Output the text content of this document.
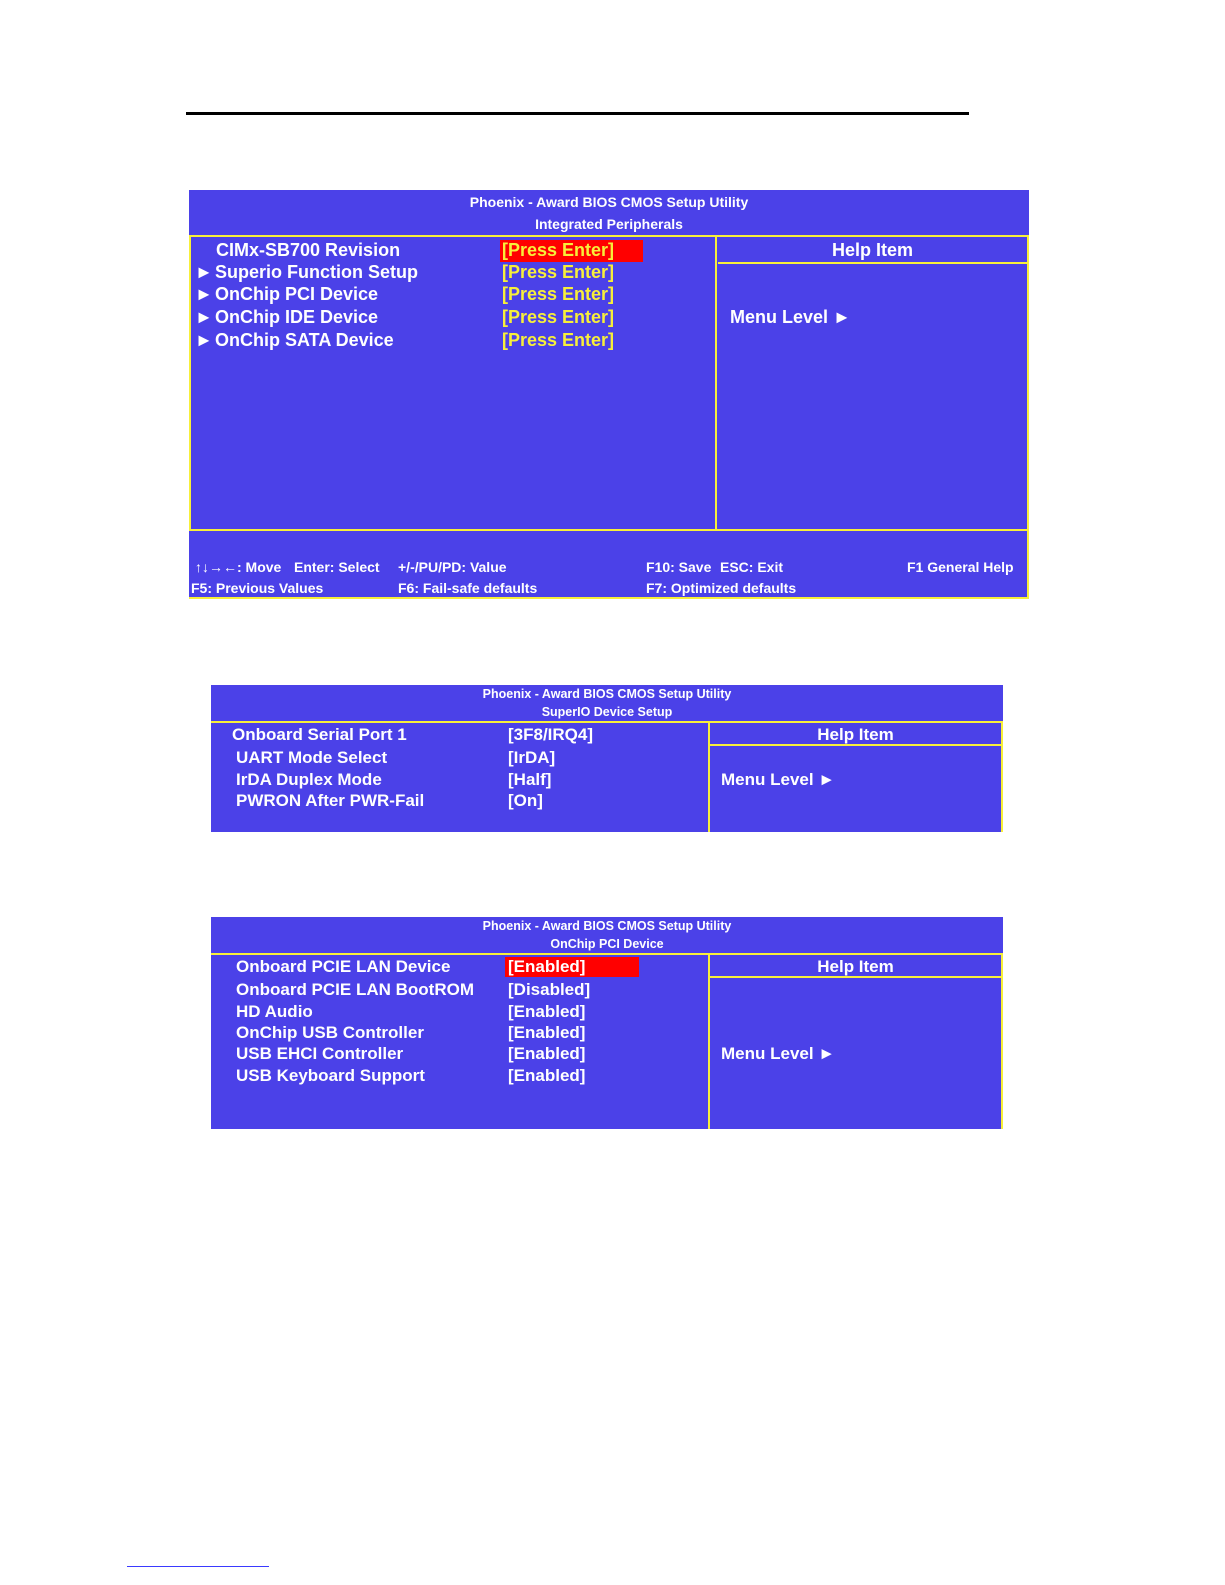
Phoenix - Award BIOS CMOS Setup Utility
Integrated Peripherals
CIMx-SB700 Revision	[Press Enter]
► Superio Function Setup	[Press Enter]
► OnChip PCI Device	[Press Enter]
► OnChip IDE Device	[Press Enter]
► OnChip SATA Device	[Press Enter]
Help Item
Menu Level ►
↑↓→←: Move Enter: Select +/-/PU/PD: Value	F10: Save ESC: Exit	F1 General Help
F5: Previous Values	F6: Fail-safe defaults	F7: Optimized defaults
Phoenix - Award BIOS CMOS Setup Utility
SuperIO Device Setup
Onboard Serial Port 1	[3F8/IRQ4]
UART Mode Select	[IrDA]
IrDA Duplex Mode	[Half]
PWRON After PWR-Fail	[On]
Help Item
Menu Level ►
Phoenix - Award BIOS CMOS Setup Utility
OnChip PCI Device
Onboard PCIE LAN Device	[Enabled]
Onboard PCIE LAN BootROM [Disabled]
HD Audio	[Enabled]
OnChip USB Controller	[Enabled]
USB EHCI Controller	[Enabled]
USB Keyboard Support	[Enabled]
Help Item
Menu Level ►
